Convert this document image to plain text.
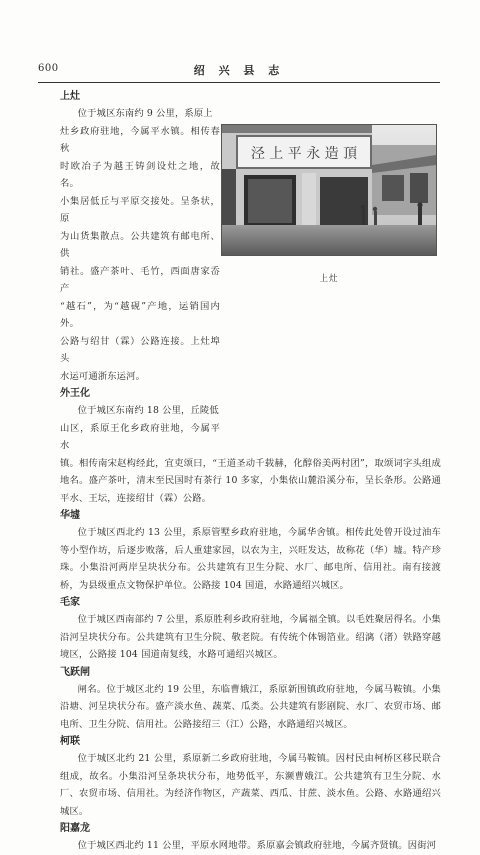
600	绍 兴 县 志
泾 上 平 永 造 頂
上灶
上灶
位于城区东南约 9 公里，系原上
灶乡政府驻地，今属平水镇。相传春秋
时欧冶子为越王铸剑设灶之地，故名。
小集居低丘与平原交接处。呈条状，原
为山货集散点。公共建筑有邮电所、供
销社。盛产茶叶、毛竹，西面唐家岙产
“越石”，为“越砚”产地，运销国内外。
公路与绍甘（霖）公路连接。上灶埠头
水运可通浙东运河。
外王化
位于城区东南约 18 公里，丘陵低
山区，系原王化乡政府驻地，今属平水

镇。相传南宋赵构经此，宜吏颂曰，“王道圣动千载赫，化醇俗美两村团”，取颂词字头组成地名。盛产茶叶，清末至民国时有茶行 10 多家，小集依山麓沿溪分布，呈长条形。公路通平水、王坛，连接绍甘（霖）公路。

华墟

位于城区西北约 13 公里，系原管墅乡政府驻地，今属华舍镇。相传此处曾开设过油车等小型作坊，后逐步败落，后人重建家园，以农为主，兴旺发达，故称花（华）墟。特产珍珠。小集沿河两岸呈块状分布。公共建筑有卫生分院、水厂、邮电所、信用社。南有接渡桥，为县级重点文物保护单位。公路接 104 国道，水路通绍兴城区。

毛家

位于城区西南部约 7 公里，系原胜利乡政府驻地，今属福全镇。以毛姓聚居得名。小集沿河呈块状分布。公共建筑有卫生分院、敬老院。有传统个体锡箔业。绍漓（渚）铁路穿越境区，公路接 104 国道南复线，水路可通绍兴城区。

飞跃闸

闸名。位于城区北约 19 公里，东临曹娥江，系原新围镇政府驻地，今属马鞍镇。小集沿塘、河呈块状分布。盛产淡水鱼、蔬菜、瓜类。公共建筑有影剧院、水厂、农贸市场、邮电所、卫生分院、信用社。公路接绍三（江）公路，水路通绍兴城区。

柯联

位于城区北约 21 公里，系原新二乡政府驻地，今属马鞍镇。因村民由柯桥区移民联合组成，故名。小集沿河呈条块状分布，地势低平，东濒曹娥江。公共建筑有卫生分院、水厂、农贸市场、信用社。为经济作物区，产蔬菜、西瓜、甘蔗、淡水鱼。公路、水路通绍兴城区。

阳嘉龙

位于城区西北约 11 公里，平原水网地带。系原嘉会镇政府驻地，今属齐贤镇。因街河
